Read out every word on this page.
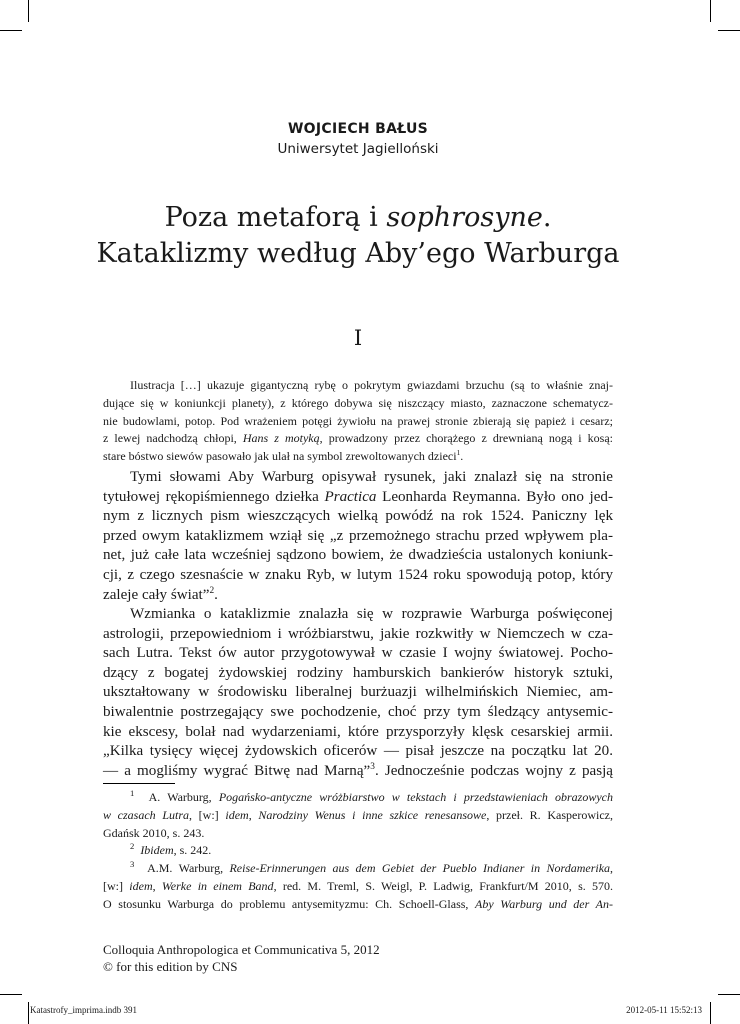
WOJCIECH BAŁUS
Uniwersytet Jagielloński
Poza metaforą i sophrosyne.
Kataklizmy według Aby’ego Warburga
I
Ilustracja […] ukazuje gigantyczną rybę o pokrytym gwiazdami brzuchu (są to właśnie znaj-
dujące się w koniunkcji planety), z którego dobywa się niszczący miasto, zaznaczone schematycz-
nie budowlami, potop. Pod wrażeniem potęgi żywiołu na prawej stronie zbierają się papież i cesarz;
z lewej nadchodzą chłopi, Hans z motyką, prowadzony przez chorążego z drewnianą nogą i kosą:
stare bóstwo siewów pasowało jak ulał na symbol zrewoltowanych dzieci$^1$.
Tymi słowami Aby Warburg opisywał rysunek, jaki znalazł się na stronie
tytułowej rękopiśmiennego dziełka Practica Leonharda Reymanna. Było ono jed-
nym z licznych pism wieszczących wielką powódź na rok 1524. Paniczny lęk
przed owym kataklizmem wziął się „z przemożnego strachu przed wpływem pla-
net, już całe lata wcześniej sądzono bowiem, że dwadzieścia ustalonych koniunk-
cji, z czego szesnaście w znaku Ryb, w lutym 1524 roku spowodują potop, który
zaleje cały świat”$^2$.
Wzmianka o kataklizmie znalazła się w rozprawie Warburga poświęconej
astrologii, przepowiedniom i wróżbiarstwu, jakie rozkwitły w Niemczech w cza-
sach Lutra. Tekst ów autor przygotowywał w czasie I wojny światowej. Pocho-
dzący z bogatej żydowskiej rodziny hamburskich bankierów historyk sztuki,
ukształtowany w środowisku liberalnej burżuazji wilhelmińskich Niemiec, am-
biwalentnie postrzegający swe pochodzenie, choć przy tym śledzący antysemic-
kie ekscesy, bolał nad wydarzeniami, które przysporzyły klęsk cesarskiej armii.
„Kilka tysięcy więcej żydowskich oficerów — pisał jeszcze na początku lat 20.
— a mogliśmy wygrać Bitwę nad Marną”$^3$. Jednocześnie podczas wojny z pasją
$^1$ A. Warburg, Pogańsko-antyczne wróżbiarstwo w tekstach i przedstawieniach obrazowych
w czasach Lutra, [w:] idem, Narodziny Wenus i inne szkice renesansowe, przeł. R. Kasperowicz,
Gdańsk 2010, s. 243.
$^2$ Ibidem, s. 242.
$^3$ A.M. Warburg, Reise-Erinnerungen aus dem Gebiet der Pueblo Indianer in Nordamerika,
[w:] idem, Werke in einem Band, red. M. Treml, S. Weigl, P. Ladwig, Frankfurt/M 2010, s. 570.
O stosunku Warburga do problemu antysemityzmu: Ch. Schoell-Glass, Aby Warburg und der An-
Colloquia Anthropologica et Communicativa 5, 2012
© for this edition by CNS
Katastrofy_imprima.indb 391	2012-05-11 15:52:13
